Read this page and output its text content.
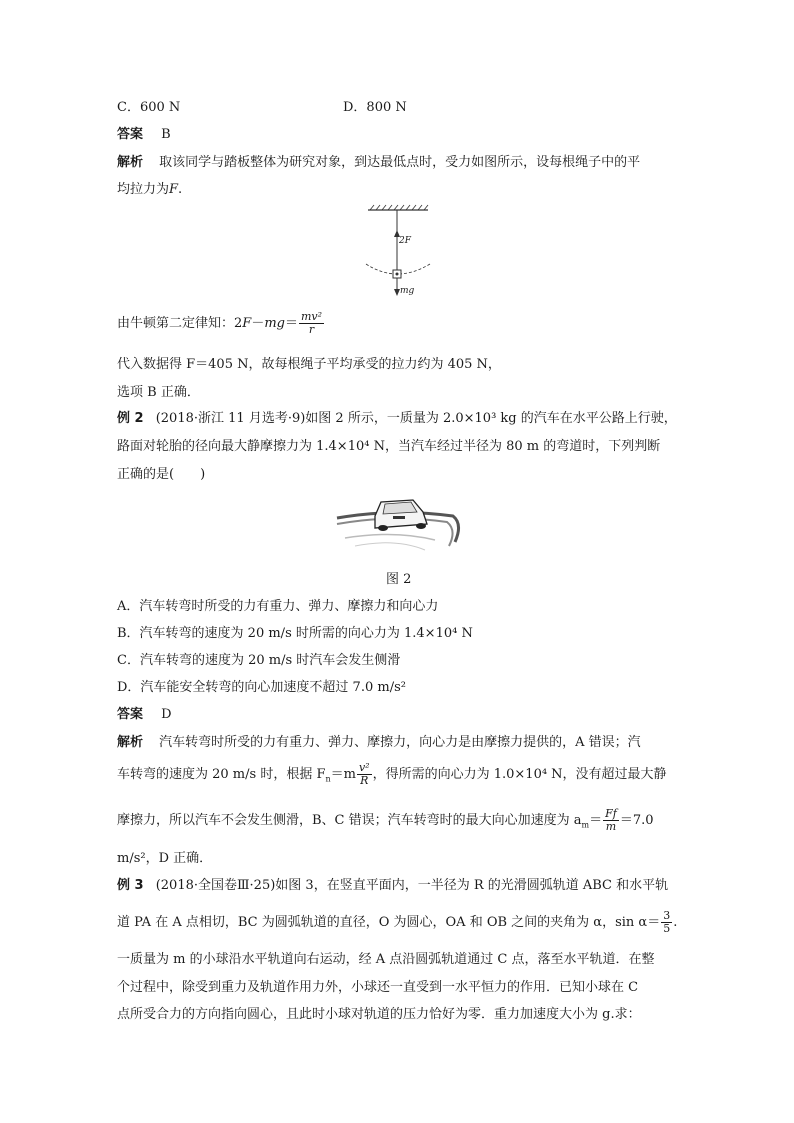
C．600 N	D．800 N
答案 B
解析 取该同学与踏板整体为研究对象，到达最低点时，受力如图所示，设每根绳子中的平
均拉力为F.
2F
mg
由牛顿第二定律知：$2F-mg= \frac{\text{mv²}}{r}$
代入数据得 F＝405 N，故每根绳子平均承受的拉力约为 405 N，
选项 B 正确．
例 2 (2018·浙江 11 月选考·9)如图 2 所示，一质量为 2.0×10³ kg 的汽车在水平公路上行驶，
路面对轮胎的径向最大静摩擦力为 1.4×10⁴ N，当汽车经过半径为 80 m 的弯道时，下列判断
正确的是(　　)
图 2
A．汽车转弯时所受的力有重力、弹力、摩擦力和向心力
B．汽车转弯的速度为 20 m/s 时所需的向心力为 1.4×10⁴ N
C．汽车转弯的速度为 20 m/s 时汽车会发生侧滑
D．汽车能安全转弯的向心加速度不超过 7.0 m/s²
答案 D
解析 汽车转弯时所受的力有重力、弹力、摩擦力，向心力是由摩擦力提供的，A 错误；汽
车转弯的速度为 20 m/s 时，根据 $F_n=m \frac{\text{v²}}{R}$ ，得所需的向心力为 1.0×10⁴ N，没有超过最大静
摩擦力，所以汽车不会发生侧滑，B、C 错误；汽车转弯时的最大向心加速度为 $a_m= \frac{Ff}{m} =7.0$
m/s²，D 正确．
例 3 (2018·全国卷Ⅲ·25)如图 3，在竖直平面内，一半径为 R 的光滑圆弧轨道 ABC 和水平轨
道 PA 在 A 点相切，BC 为圆弧轨道的直径，O 为圆心，OA 和 OB 之间的夹角为 α，$\sin \alpha= \frac{3}{5}$ .
一质量为 m 的小球沿水平轨道向右运动，经 A 点沿圆弧轨道通过 C 点，落至水平轨道．在整
个过程中，除受到重力及轨道作用力外，小球还一直受到一水平恒力的作用．已知小球在 C
点所受合力的方向指向圆心，且此时小球对轨道的压力恰好为零．重力加速度大小为 g.求：
